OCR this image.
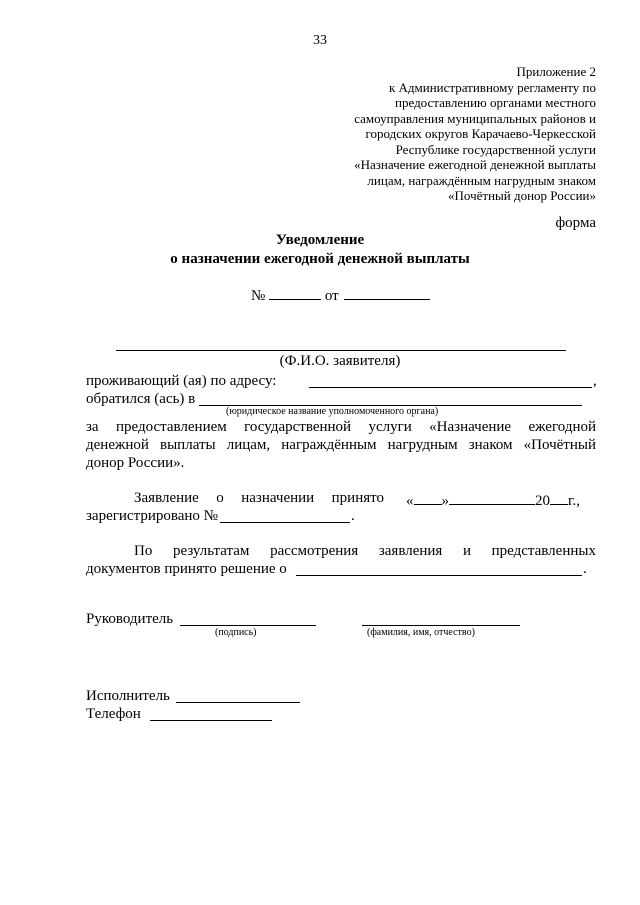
33
Приложение 2
к Административному регламенту по
предоставлению органами местного
самоуправления муниципальных районов и
городских округов Карачаево-Черкесской
Республике государственной услуги
«Назначение ежегодной денежной выплаты
лицам, награждённым нагрудным знаком
«Почётный донор России»
форма
Уведомление
о назначении ежегодной денежной выплаты
№	от
(Ф.И.О. заявителя)
проживающий (ая) по адресу:	,
обратился (ась) в
(юридическое название уполномоченного органа)
за предоставлением государственной услуги «Назначение ежегодной
денежной выплаты лицам, награждённым нагрудным знаком «Почётный
донор России».
Заявление о назначении принято « »	20 г.,
зарегистрировано №	.
По результатам рассмотрения заявления и представленных
документов принято решение о	.
Руководитель
(подпись)	(фамилия, имя, отчество)
Исполнитель
Телефон
